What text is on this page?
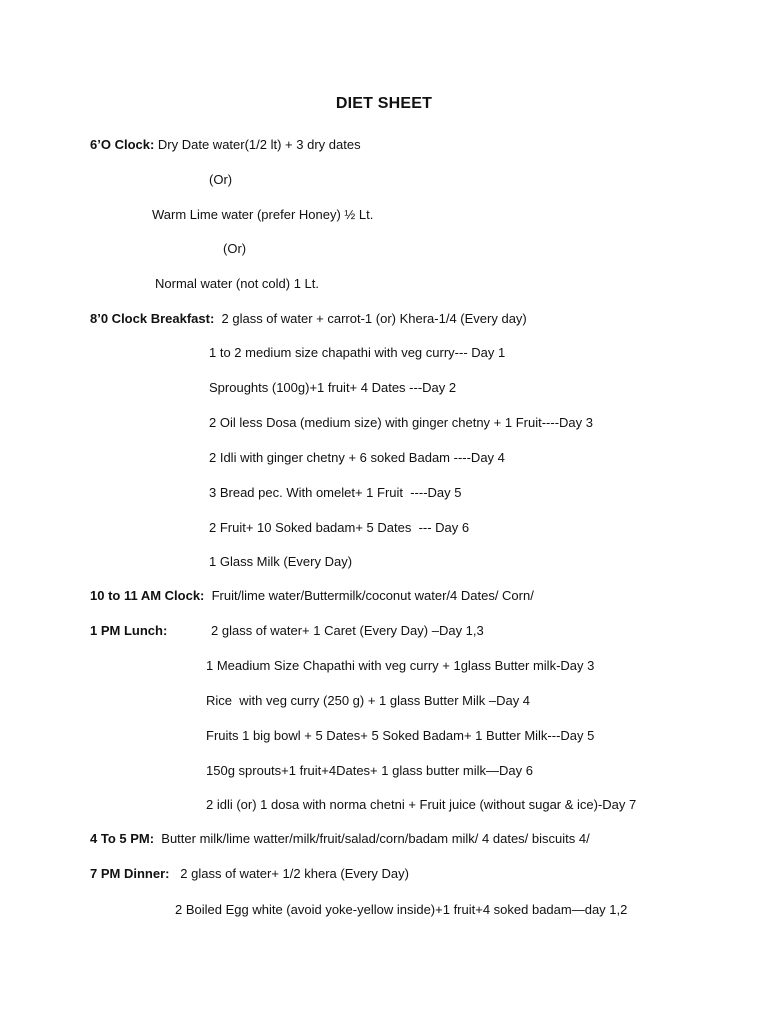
DIET SHEET
6’O Clock: Dry Date water(1/2 lt) + 3 dry dates
(Or)
Warm Lime water (prefer Honey) ½ Lt.
(Or)
Normal water (not cold) 1 Lt.
8’0 Clock Breakfast:  2 glass of water + carrot-1 (or) Khera-1/4 (Every day)
1 to 2 medium size chapathi with veg curry--- Day 1
Sproughts (100g)+1 fruit+ 4 Dates ---Day 2
2 Oil less Dosa (medium size) with ginger chetny + 1 Fruit----Day 3
2 Idli with ginger chetny + 6 soked Badam ----Day 4
3 Bread pec. With omelet+ 1 Fruit  ----Day 5
2 Fruit+ 10 Soked badam+ 5 Dates  --- Day 6
1 Glass Milk (Every Day)
10 to 11 AM Clock:  Fruit/lime water/Buttermilk/coconut water/4 Dates/ Corn/
1 PM Lunch:	2 glass of water+ 1 Caret (Every Day) –Day 1,3
1 Meadium Size Chapathi with veg curry + 1glass Butter milk-Day 3
Rice  with veg curry (250 g) + 1 glass Butter Milk –Day 4
Fruits 1 big bowl + 5 Dates+ 5 Soked Badam+ 1 Butter Milk---Day 5
150g sprouts+1 fruit+4Dates+ 1 glass butter milk—Day 6
2 idli (or) 1 dosa with norma chetni + Fruit juice (without sugar & ice)-Day 7
4 To 5 PM:  Butter milk/lime watter/milk/fruit/salad/corn/badam milk/ 4 dates/ biscuits 4/
7 PM Dinner:   2 glass of water+ 1/2 khera (Every Day)
2 Boiled Egg white (avoid yoke-yellow inside)+1 fruit+4 soked badam—day 1,2
